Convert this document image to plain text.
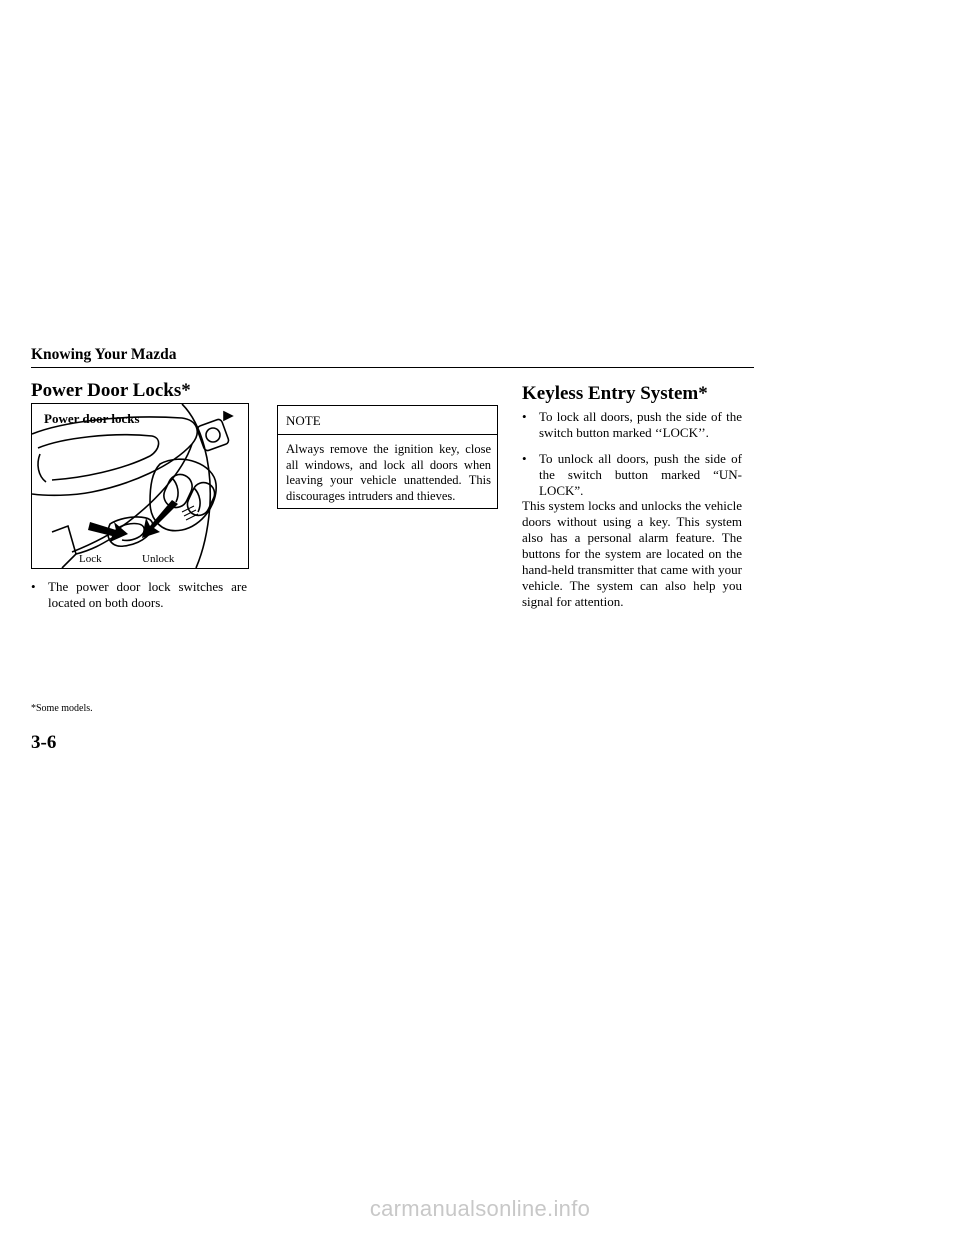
Knowing Your Mazda
Power Door Locks*
Power door locks
Lock	Unlock
• The power door lock switches are located on both doors.
NOTE
Always remove the ignition key, close all windows, and lock all doors when leaving your vehicle unattended. This discourages intruders and thieves.
Keyless Entry System*
• To lock all doors, push the side of the switch button marked ‘‘LOCK’’.
• To unlock all doors, push the side of the switch button marked “UN-LOCK”.
This system locks and unlocks the vehicle doors without using a key. This system also has a personal alarm feature. The buttons for the system are located on the hand-held transmitter that came with your vehicle. The system can also help you signal for attention.
*Some models.
3-6
carmanualsonline.info
